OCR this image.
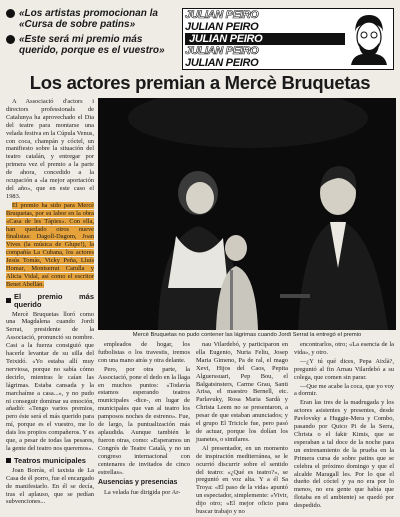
«Los artistas promocionan la «Cursa de sobre patins»
«Este será mi premio más querido, porque es el vuestro»
JULIAN PEIRO
JULIAN PEIRO
JULIAN PEIRO
JULIAN PEIRO
JULIAN PEIRO
Los actores premian a Mercè Bruquetas

A Associació d'actors i directors professionals de Catalunya ha aprovechado el Dia del teatre para montarse una velada festiva en la Cúpula Venus, con coca, champán y cóctel, un manifiesto sobre la situación del teatro catalán, y entregar por primera vez el premio a la parte de ahora, concedido a la ocupación a «la mejor aportación del año», que en este caso el 1983.

El premio ha sido para Mercè Bruquetas, por su labor en la obra «Casa de les Tàpies». Con ella, han quedado otros nueve finalistas: Dagoll-Dagom, Joan Vives (la música de Glupe!), la compañía La Cubana, los actores Jesús Tomàs, Vicky Peña, Lluís Homar, Montserrat Carulla y Alicia Vidal, así como el escritor Benet Abellán.

El premio más querido

Mercè Bruquetas lloró como una Magdalena cuando Jordi Serrat, presidente de la Associació, pronunció su nombre. Casi a la fuerza consiguió que hacerle levantar de su silla del Teixidó. «Yo estaba allí muy nerviosa, porque no sabía cómo decirlo, mientras le caían las lágrimas. Estaba cansada y la marchaíme a casa...», y no pudo ni conseguir dominar su emoción, añadió: «Tengo varios premios, pero éste será el más querido para mí, porque es el vuestro, me lo dais los propios compañeros. Y es que, a pesar de todas las pesares, la gente del teatro nos queremos».

Teatros municipales

Joan Borràs, el taxista de La Casa de él porro, fue el encargado de manifestarlo. En él se decía, tras el aplauso, que se pedían subvenciones...

Mercè Bruquetas no pudo contener las lágrimas cuando Jordi Serrat la entregó el premio

empleados de hogar, los futbolistas o los travestis, iremos con una mano atrás y otra delante.

Pero, por otra parte, la Associació, pone el dedo en la llaga en muchos puntos: «Todavía estamos esperando teatros municipales -dice-, en lugar de municipales que van al teatro los pamposos noches de estreno». Fue, de largo, la puntualización más aplaudida. Aunque también le fueron otras, como: «Esperamos un Congrés de Teatre Català, y no un congreso internacional con centenares de invitados de cinco estrellas».

Ausencias y presencias

La velada fue dirigida por Ar-

nau Vilardebó, y participaron en ella Eugenio, Nuria Feliu, Josep Maria Gimeno, Pa de ral, el mago Xevi, Hijos del Caos, Pepita Alguerssuari, Pep Bou, el Balgatsinsters, Carme Grau, Santi Arisa, el maestro Bernell, etc. Parlavuky, Rosa Maria Sardà y Christa Leem no se presentaron, a pesar de que estaban anunciados; y el grupo El Tricicle fue, pero pasó de actuar, porque los dolían los juanetes, o similares.

Al presentador, en un momento de inspiración mediterránea, se le ocurrió discurrir sobre el sentido del teatro: «¿Qué es teatro?», se preguntó en voz alta. Y a él Sa Troya: «El paso de la vida» apuntó un espectador, simplemente: «Vivir, dijo otro; «El mejor oficio para buscar trabajo y no

encontrarlos, otro; «La esencia de la vida», y otro.

—¿Y tú qué dices, Pepa Aixlà?, preguntó al fin Arnau Vilardebó a su colega, que comen sin parar.

—Que me acabe la coca, que yo voy a dormir.

Eran las tres de la madrugada y los actores asistentes y presentes, desde Pavlovsky a Huggie-Mera y Combo, pasando por Quico Pi de la Serra, Christa o el fakir Kimis, que se esperaban a tal doce de la noche para un entrenamiento de la prueba en la Primera cursa de sobre patins que se celebra el próximo domingo y que el alcalde Maragall les. Por lo que el dueño del cóctel y ya no era por lo menos, no era gente que había que flotaba en el ambiente) se quedó por despedido.
